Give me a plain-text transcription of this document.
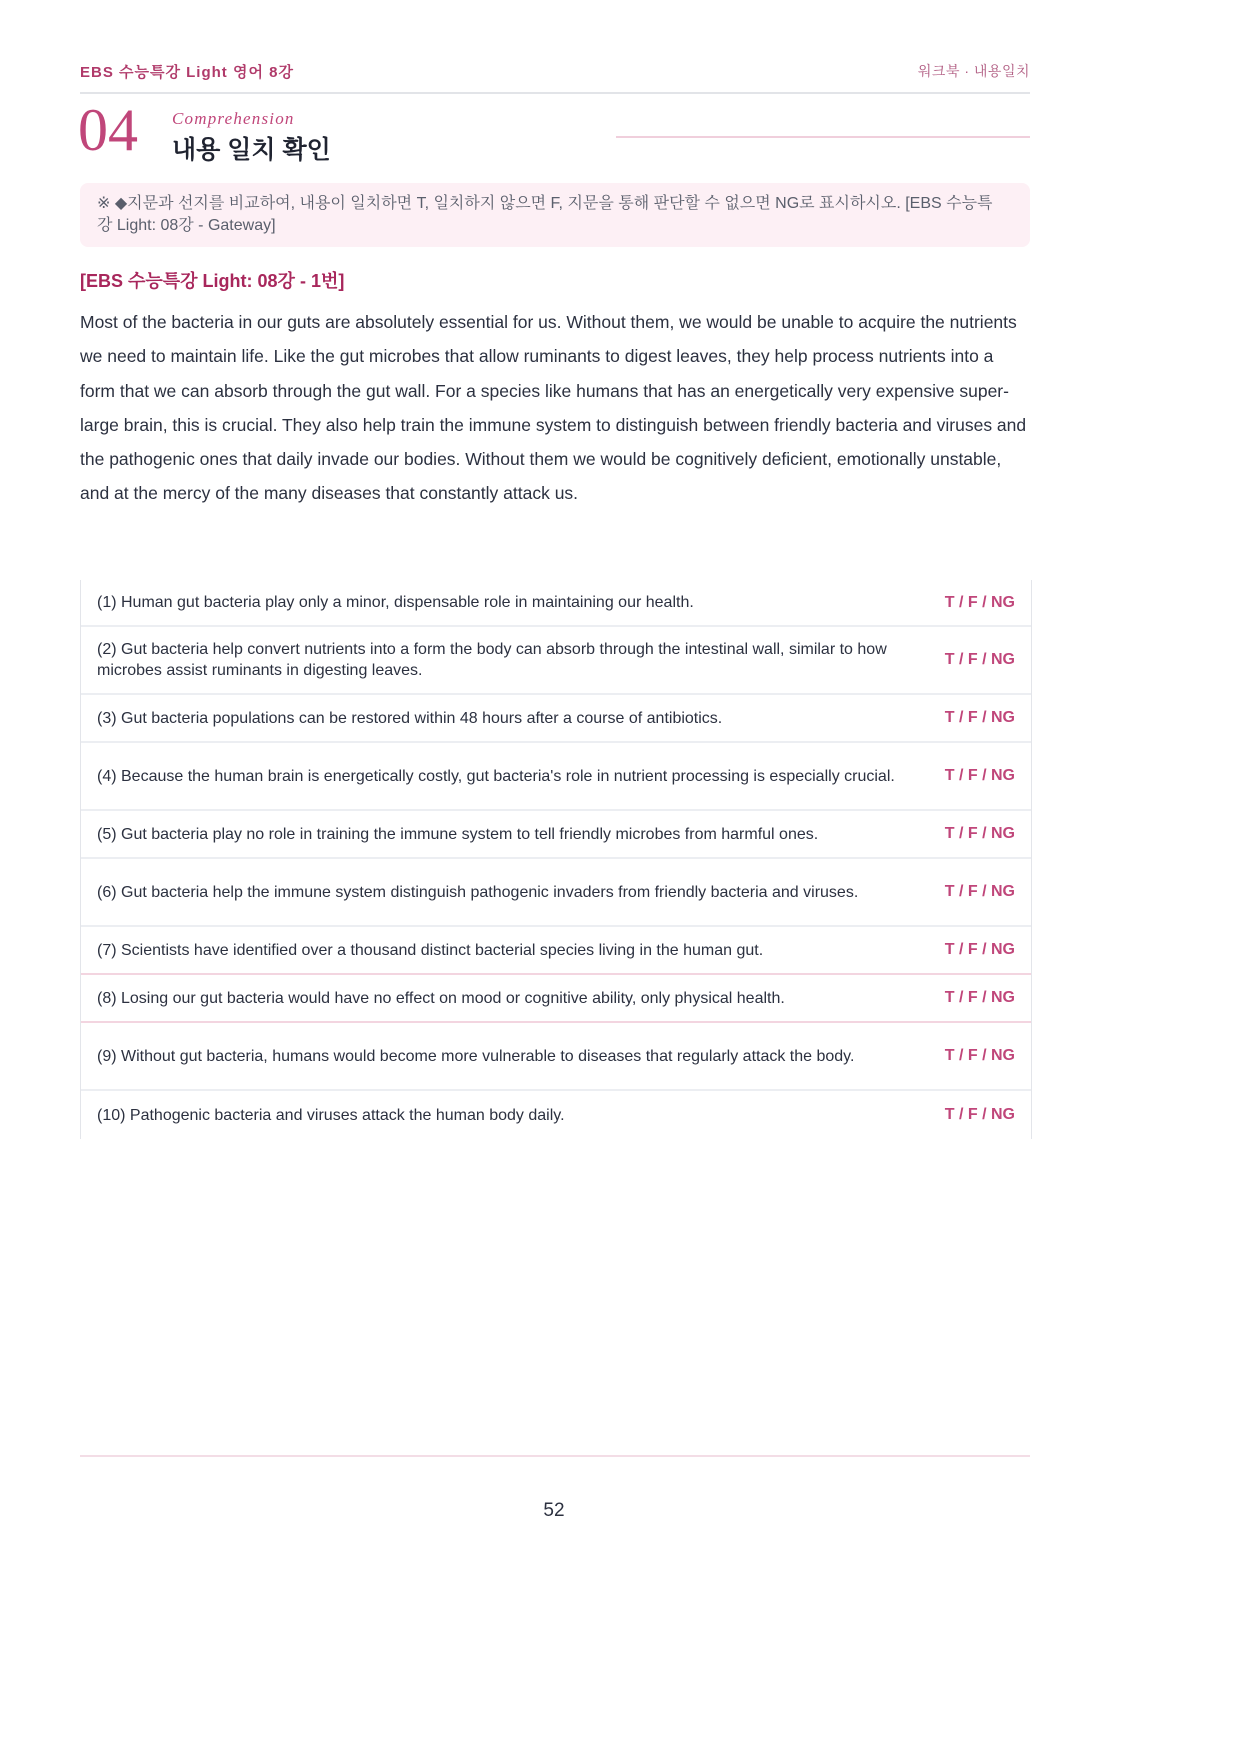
EBS 수능특강 Light 영어 8강	워크북 · 내용일치
04 Comprehension
내용 일치 확인
※ ◆지문과 선지를 비교하여, 내용이 일치하면 T, 일치하지 않으면 F, 지문을 통해 판단할 수 없으면 NG로 표시하시오. [EBS 수능특강 Light: 08강 - Gateway]
[EBS 수능특강 Light: 08강 - 1번]
Most of the bacteria in our guts are absolutely essential for us. Without them, we would be unable to acquire the nutrients we need to maintain life. Like the gut microbes that allow ruminants to digest leaves, they help process nutrients into a form that we can absorb through the gut wall. For a species like humans that has an energetically very expensive super-large brain, this is crucial. They also help train the immune system to distinguish between friendly bacteria and viruses and the pathogenic ones that daily invade our bodies. Without them we would be cognitively deficient, emotionally unstable, and at the mercy of the many diseases that constantly attack us.
(1) Human gut bacteria play only a minor, dispensable role in maintaining our health.	T / F / NG
(2) Gut bacteria help convert nutrients into a form the body can absorb through the intestinal wall, similar to how microbes assist ruminants in digesting leaves.
T / F / NG
(3) Gut bacteria populations can be restored within 48 hours after a course of antibiotics.	T / F / NG
(4) Because the human brain is energetically costly, gut bacteria's role in nutrient processing is especially crucial.	T / F / NG
(5) Gut bacteria play no role in training the immune system to tell friendly microbes from harmful ones.	T / F / NG
(6) Gut bacteria help the immune system distinguish pathogenic invaders from friendly bacteria and viruses.	T / F / NG
(7) Scientists have identified over a thousand distinct bacterial species living in the human gut.	T / F / NG
(8) Losing our gut bacteria would have no effect on mood or cognitive ability, only physical health.	T / F / NG
(9) Without gut bacteria, humans would become more vulnerable to diseases that regularly attack the body.	T / F / NG
(10) Pathogenic bacteria and viruses attack the human body daily.	T / F / NG
52
